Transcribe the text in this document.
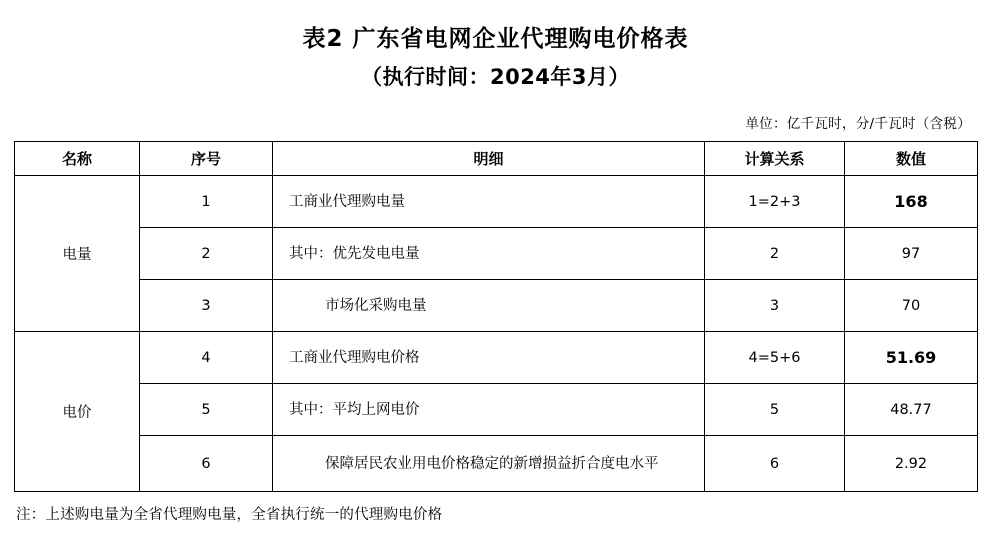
表2 广东省电网企业代理购电价格表
（执行时间：2024年3月）
单位：亿千瓦时，分/千瓦时（含税）
名称	序号	明细	计算关系	数值
电量	1	工商业代理购电量	1=2+3	168
	2	其中：优先发电电量	2	97
	3	市场化采购电量	3	70
电价	4	工商业代理购电价格	4=5+6	51.69
	5	其中：平均上网电价	5	48.77
	6	保障居民农业用电价格稳定的新增损益折合度电水平	6	2.92
注：上述购电量为全省代理购电量，全省执行统一的代理购电价格
